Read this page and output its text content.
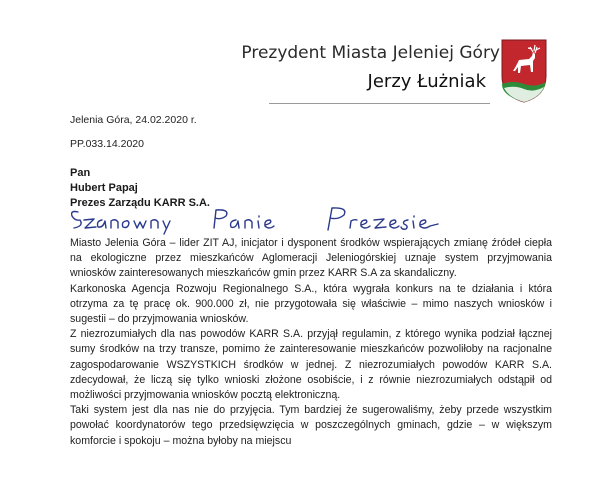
Prezydent Miasta Jeleniej Góry
Jerzy Łużniak
Jelenia Góra, 24.02.2020 r.
PP.033.14.2020
Pan
Hubert Papaj
Prezes Zarządu KARR S.A.

Miasto Jelenia Góra – lider ZIT AJ, inicjator i dysponent środków wspierających zmianę źródeł ciepła na ekologiczne przez mieszkańców Aglomeracji Jeleniogórskiej uznaje system przyjmowania wniosków zainteresowanych mieszkańców gmin przez KARR S.A za skandaliczny.

Karkonoska Agencja Rozwoju Regionalnego S.A., która wygrała konkurs na te działania i która otrzyma za tę pracę ok. 900.000 zł, nie przygotowała się właściwie – mimo naszych wniosków i sugestii – do przyjmowania wniosków.

Z niezrozumiałych dla nas powodów KARR S.A. przyjął regulamin, z którego wynika podział łącznej sumy środków na trzy transze, pomimo że zainteresowanie mieszkańców pozwoliłoby na racjonalne zagospodarowanie WSZYSTKICH środków w jednej. Z niezrozumiałych powodów KARR S.A. zdecydował, że liczą się tylko wnioski złożone osobiście, i z równie niezrozumiałych odstąpił od możliwości przyjmowania wniosków pocztą elektroniczną.

Taki system jest dla nas nie do przyjęcia. Tym bardziej że sugerowaliśmy, żeby przede wszystkim powołać koordynatorów tego przedsięwzięcia w poszczególnych gminach, gdzie – w większym komforcie i spokoju – można byłoby na miejscu
